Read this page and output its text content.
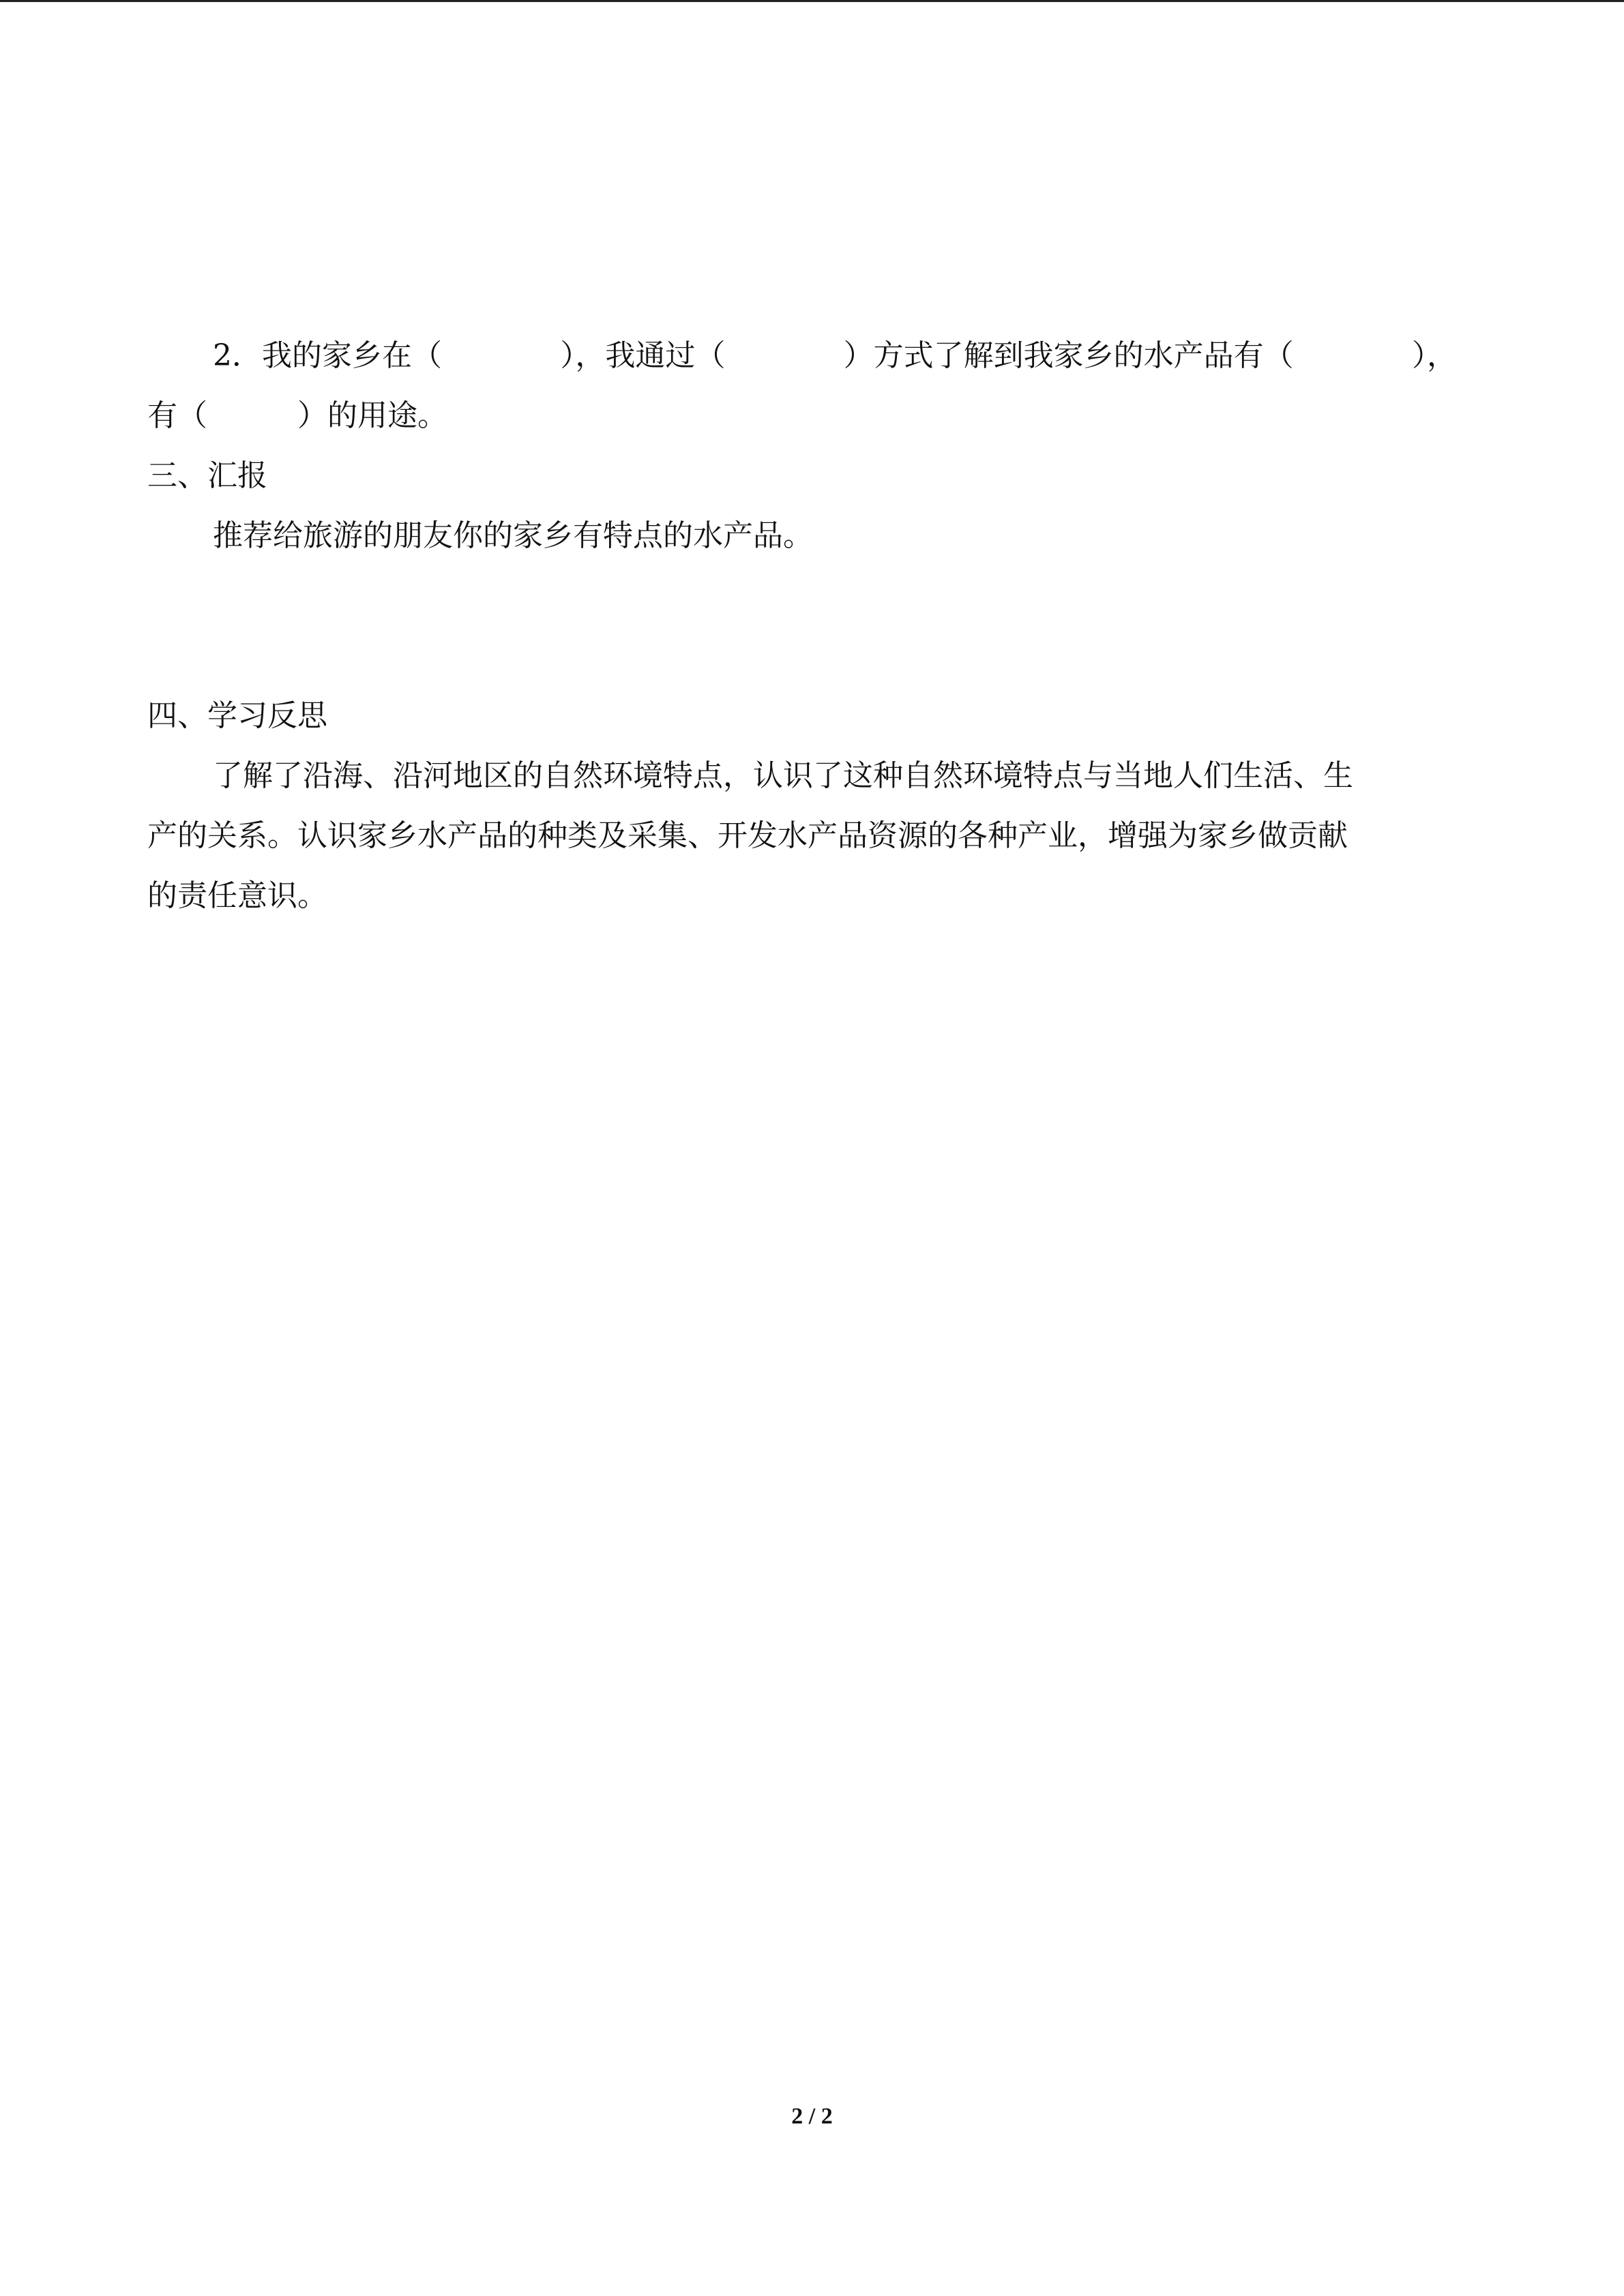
2．我的家乡在（	），我通过（	）方式了解到我家乡的水产品有（	），
有（　　　）的用途。
三、汇报
推荐给旅游的朋友你的家乡有特点的水产品。
四、学习反思
了解了沿海、沿河地区的自然环境特点，认识了这种自然环境特点与当地人们生活、生
产的关系。认识家乡水产品的种类及采集、开发水产品资源的各种产业，增强为家乡做贡献
的责任意识。
2 / 2
